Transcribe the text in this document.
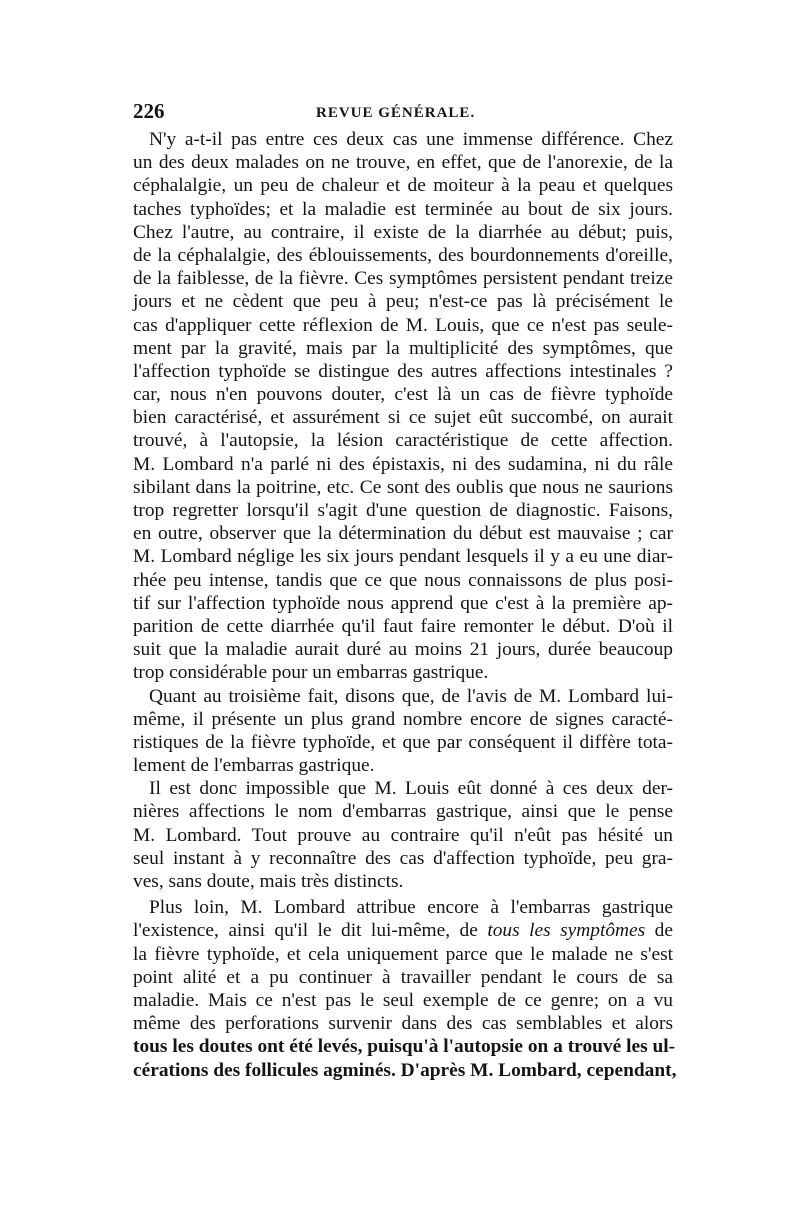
226	REVUE GÉNÉRALE.
N'y a-t-il pas entre ces deux cas une immense différence. Chez
un des deux malades on ne trouve, en effet, que de l'anorexie, de la
céphalalgie, un peu de chaleur et de moiteur à la peau et quelques
taches typhoïdes; et la maladie est terminée au bout de six jours.
Chez l'autre, au contraire, il existe de la diarrhée au début; puis,
de la céphalalgie, des éblouissements, des bourdonnements d'oreille,
de la faiblesse, de la fièvre. Ces symptômes persistent pendant treize
jours et ne cèdent que peu à peu; n'est-ce pas là précisément le
cas d'appliquer cette réflexion de M. Louis, que ce n'est pas seule-
ment par la gravité, mais par la multiplicité des symptômes, que
l'affection typhoïde se distingue des autres affections intestinales ?
car, nous n'en pouvons douter, c'est là un cas de fièvre typhoïde
bien caractérisé, et assurément si ce sujet eût succombé, on aurait
trouvé, à l'autopsie, la lésion caractéristique de cette affection.
M. Lombard n'a parlé ni des épistaxis, ni des sudamina, ni du râle
sibilant dans la poitrine, etc. Ce sont des oublis que nous ne saurions
trop regretter lorsqu'il s'agit d'une question de diagnostic. Faisons,
en outre, observer que la détermination du début est mauvaise ; car
M. Lombard néglige les six jours pendant lesquels il y a eu une diar-
rhée peu intense, tandis que ce que nous connaissons de plus posi-
tif sur l'affection typhoïde nous apprend que c'est à la première ap-
parition de cette diarrhée qu'il faut faire remonter le début. D'où il
suit que la maladie aurait duré au moins 21 jours, durée beaucoup
trop considérable pour un embarras gastrique.
Quant au troisième fait, disons que, de l'avis de M. Lombard lui-
même, il présente un plus grand nombre encore de signes caracté-
ristiques de la fièvre typhoïde, et que par conséquent il diffère tota-
lement de l'embarras gastrique.
Il est donc impossible que M. Louis eût donné à ces deux der-
nières affections le nom d'embarras gastrique, ainsi que le pense
M. Lombard. Tout prouve au contraire qu'il n'eût pas hésité un
seul instant à y reconnaître des cas d'affection typhoïde, peu gra-
ves, sans doute, mais très distincts.
Plus loin, M. Lombard attribue encore à l'embarras gastrique
l'existence, ainsi qu'il le dit lui-même, de tous les symptômes de
la fièvre typhoïde, et cela uniquement parce que le malade ne s'est
point alité et a pu continuer à travailler pendant le cours de sa
maladie. Mais ce n'est pas le seul exemple de ce genre; on a vu
même des perforations survenir dans des cas semblables et alors
tous les doutes ont été levés, puisqu'à l'autopsie on a trouvé les ul-
cérations des follicules agminés. D'après M. Lombard, cependant,
